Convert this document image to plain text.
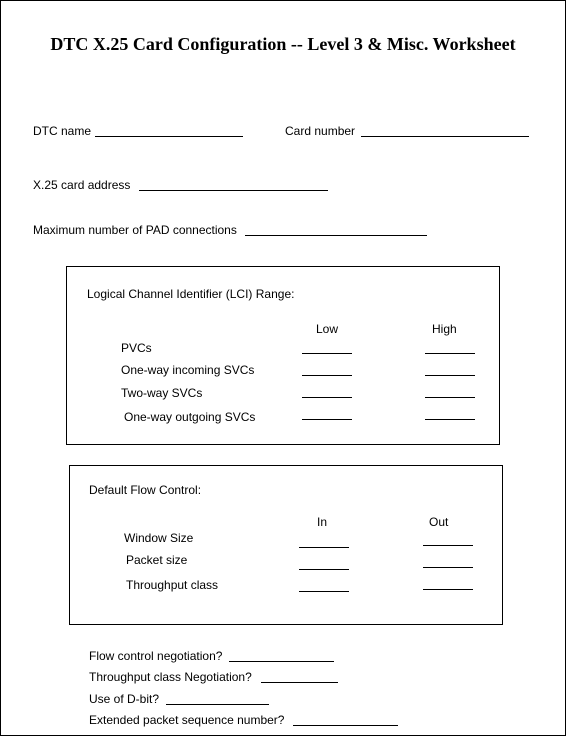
DTC X.25 Card Configuration -- Level 3 & Misc. Worksheet
DTC name	Card number
X.25 card address
Maximum number of PAD connections
Logical Channel Identifier (LCI) Range:
Low	High
PVCs
One-way incoming SVCs
Two-way SVCs
One-way outgoing SVCs
Default Flow Control:
In	Out
Window Size
Packet size
Throughput class
Flow control negotiation?
Throughput class Negotiation?
Use of D-bit?
Extended packet sequence number?
